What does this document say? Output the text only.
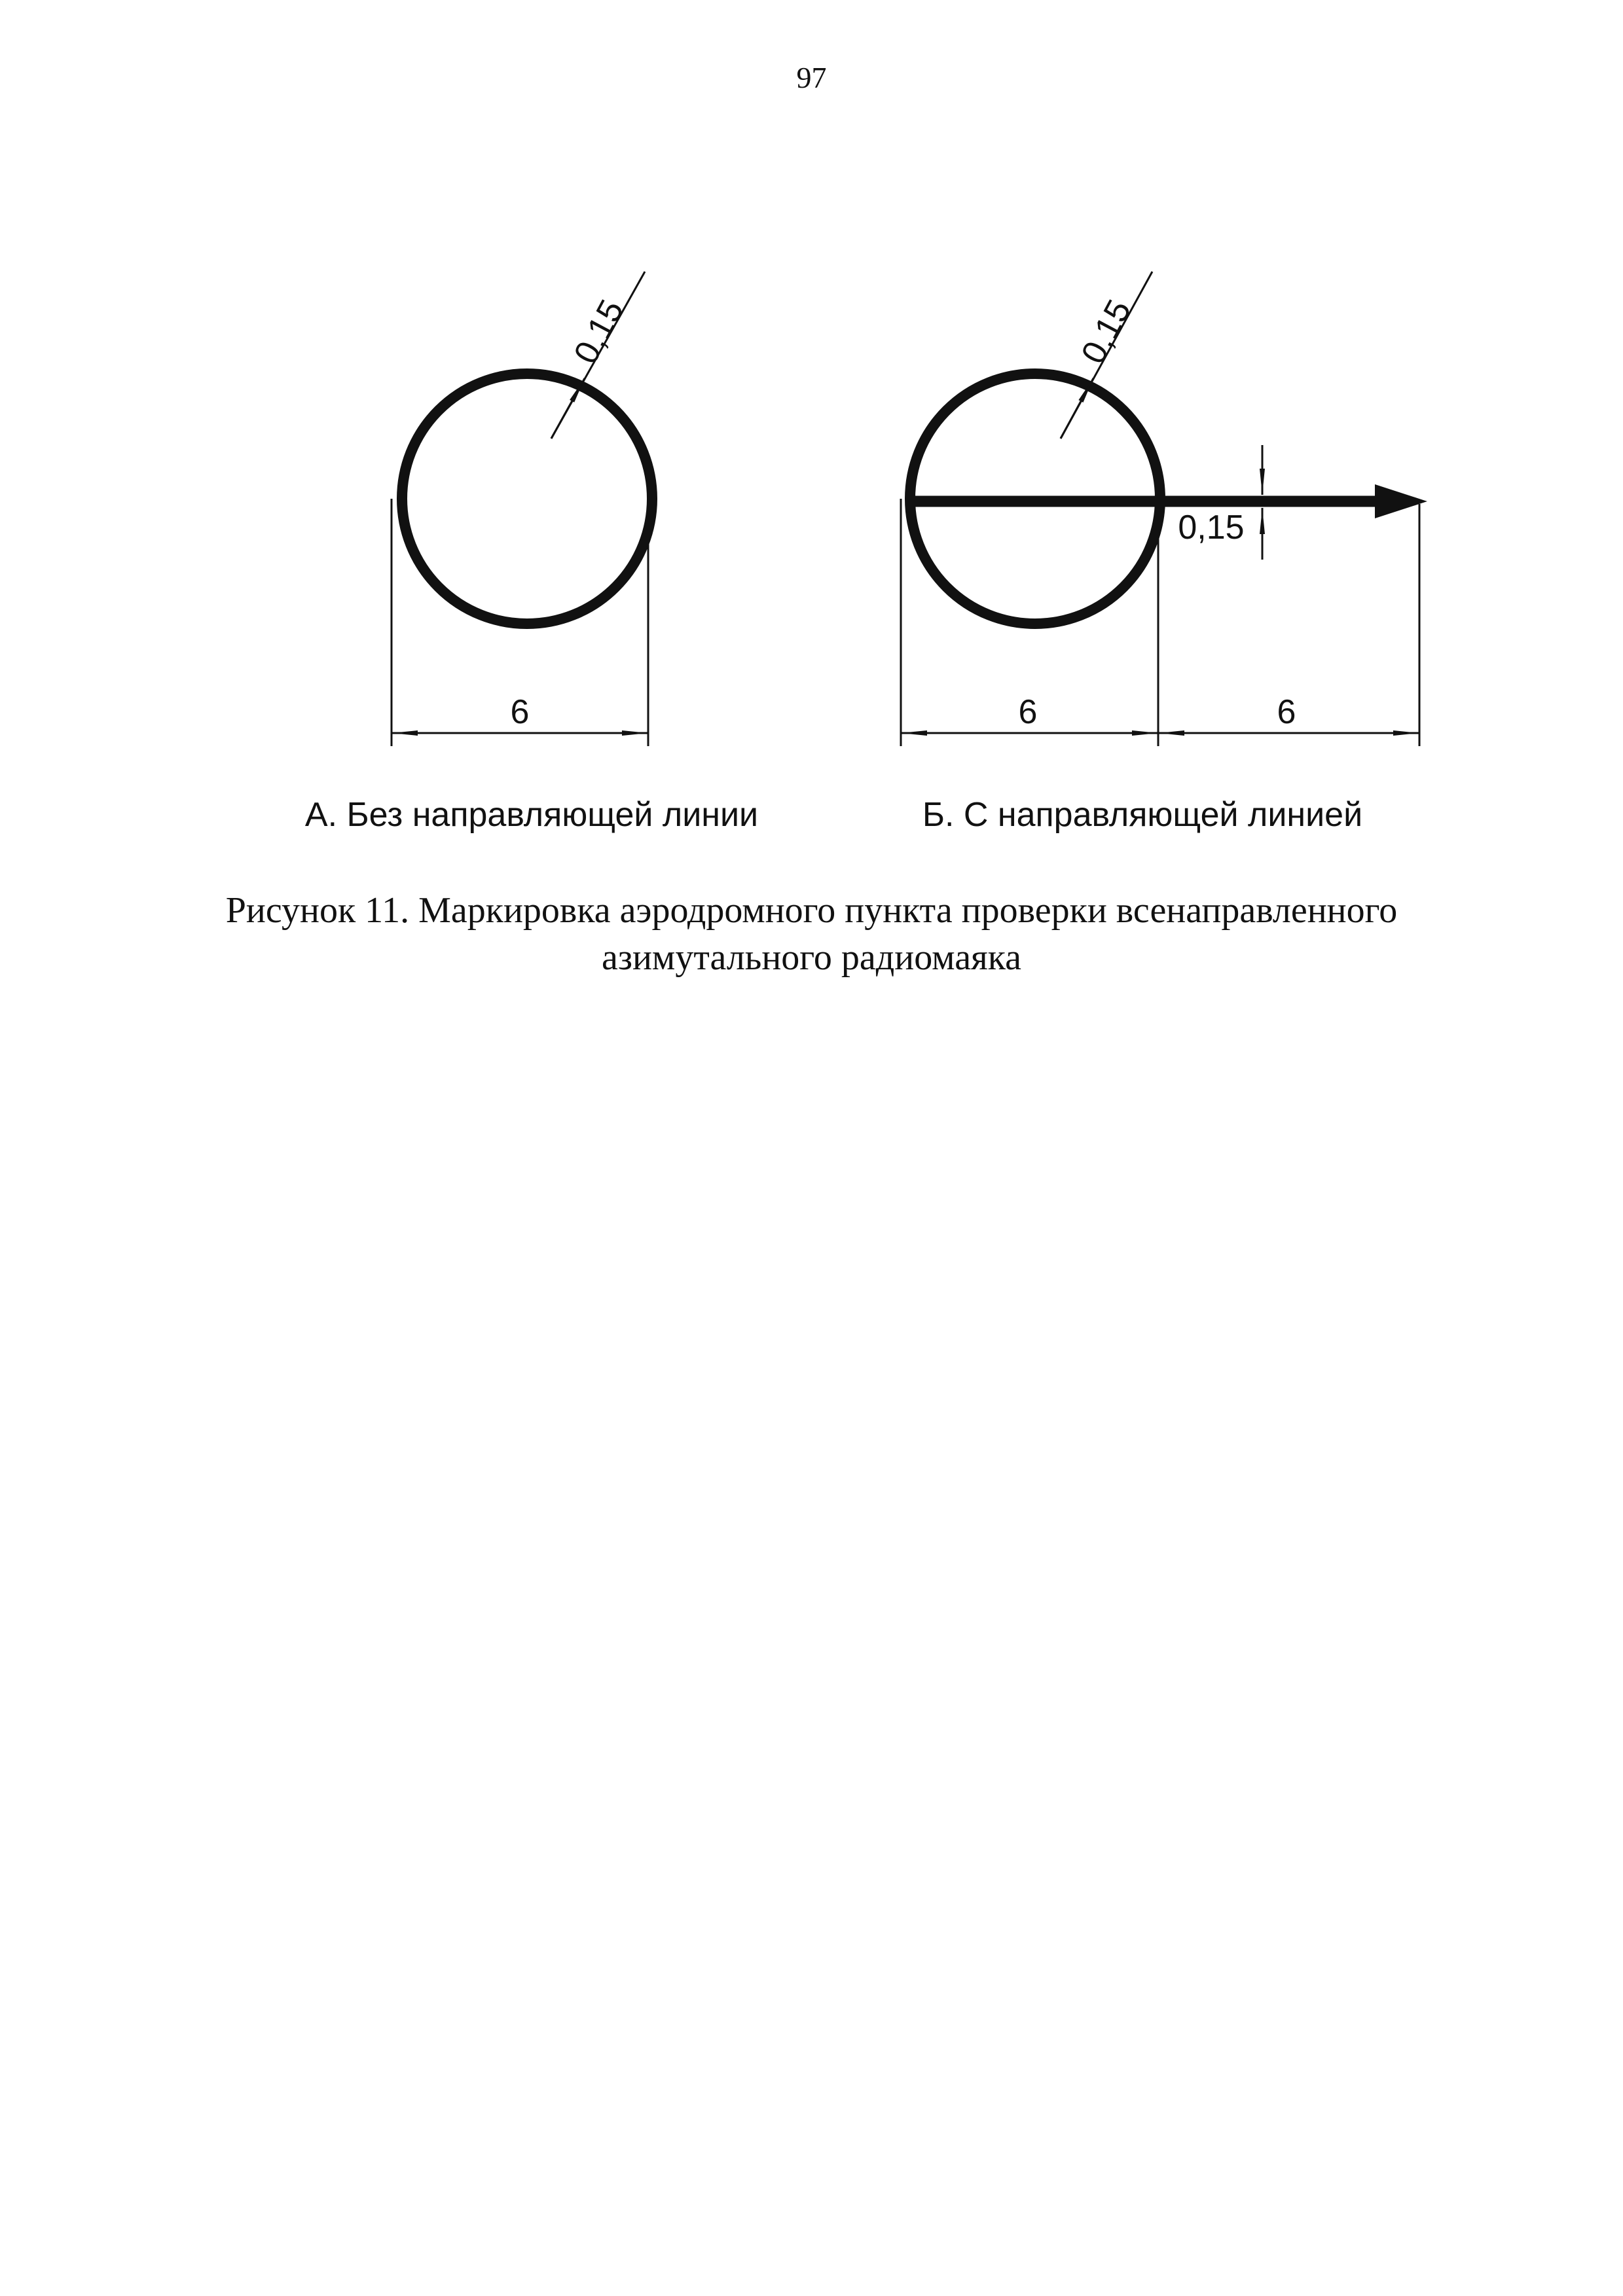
97
0,15
6
А. Без направляющей линии
0,15
0,15
6	6
Б. С направляющей линией
Рисунок 11. Маркировка аэродромного пункта проверки всенаправленного
азимутального радиомаяка
